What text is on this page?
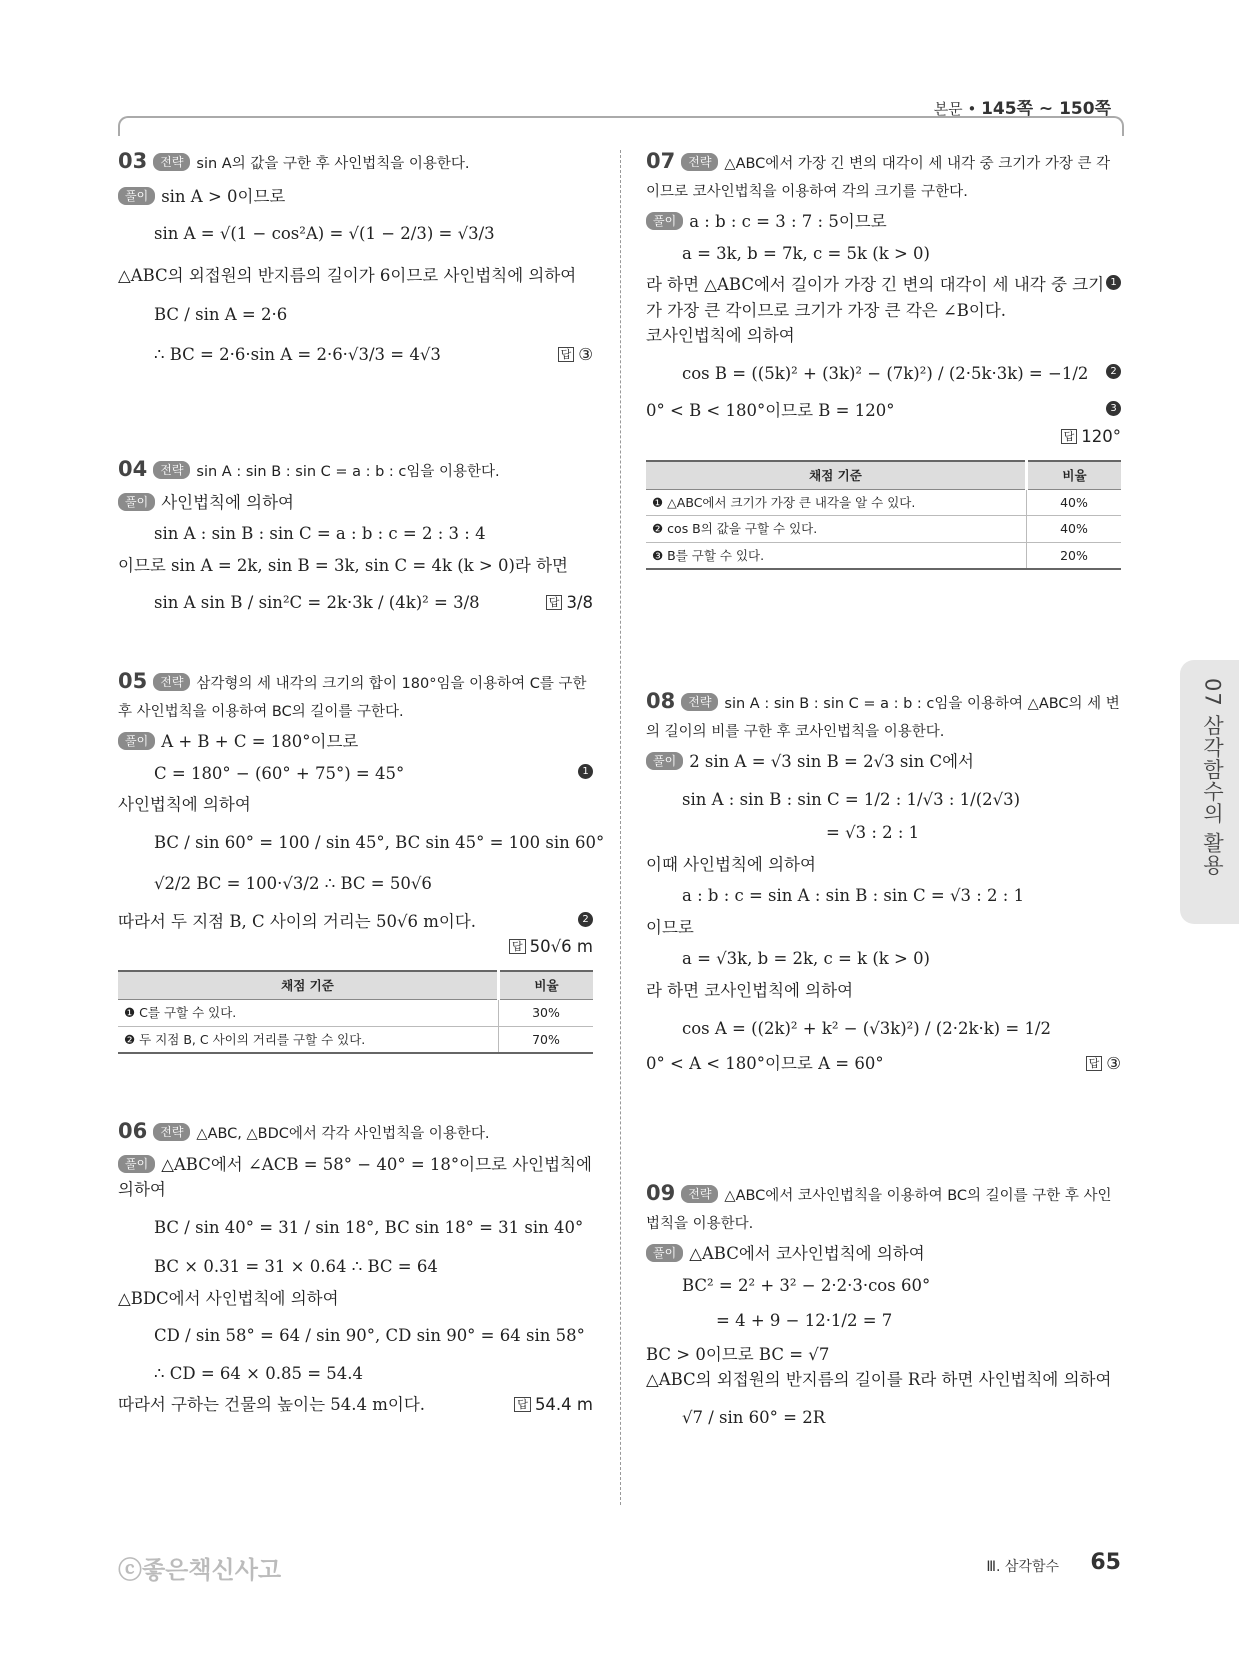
본문 • 145쪽 ~ 150쪽

03 전략 sin A의 값을 구한 후 사인법칙을 이용한다.

풀이 sin A > 0이므로

sin A = √(1 − cos²A) = √(1 − 2/3) = √3/3

△ABC의 외접원의 반지름의 길이가 6이므로 사인법칙에 의하여

BC / sin A = 2·6

답 ③
∴ BC = 2·6·sin A = 2·6·√3/3 = 4√3

04 전략 sin A : sin B : sin C = a : b : c임을 이용한다.

풀이 사인법칙에 의하여

sin A : sin B : sin C = a : b : c = 2 : 3 : 4

이므로 sin A = 2k, sin B = 3k, sin C = 4k (k > 0)라 하면

답 3/8
sin A sin B / sin²C = 2k·3k / (4k)² = 3/8

05 전략 삼각형의 세 내각의 크기의 합이 180°임을 이용하여 C를 구한 후 사인법칙을 이용하여 BC의 길이를 구한다.

풀이 A + B + C = 180°이므로

1
C = 180° − (60° + 75°) = 45°

사인법칙에 의하여

BC / sin 60° = 100 / sin 45°, BC sin 45° = 100 sin 60°

√2/2 BC = 100·√3/2 ∴ BC = 50√6

2
따라서 두 지점 B, C 사이의 거리는 50√6 m이다.

답 50√6 m

채점 기준	비율
❶ C를 구할 수 있다.	30%
❷ 두 지점 B, C 사이의 거리를 구할 수 있다.	70%

06 전략 △ABC, △BDC에서 각각 사인법칙을 이용한다.

풀이 △ABC에서 ∠ACB = 58° − 40° = 18°이므로 사인법칙에 의하여

BC / sin 40° = 31 / sin 18°, BC sin 18° = 31 sin 40°

BC × 0.31 = 31 × 0.64 ∴ BC = 64

△BDC에서 사인법칙에 의하여

CD / sin 58° = 64 / sin 90°, CD sin 90° = 64 sin 58°

∴ CD = 64 × 0.85 = 54.4

답 54.4 m
따라서 구하는 건물의 높이는 54.4 m이다.

07 전략 △ABC에서 가장 긴 변의 대각이 세 내각 중 크기가 가장 큰 각이므로 코사인법칙을 이용하여 각의 크기를 구한다.

풀이 a : b : c = 3 : 7 : 5이므로

a = 3k, b = 7k, c = 5k (k > 0)

1
라 하면 △ABC에서 길이가 가장 긴 변의 대각이 세 내각 중 크기가 가장 큰 각이므로 크기가 가장 큰 각은 ∠B이다.

코사인법칙에 의하여

2
cos B = ((5k)² + (3k)² − (7k)²) / (2·5k·3k) = −1/2

3
0° < B < 180°이므로 B = 120°

답 120°

채점 기준	비율
❶ △ABC에서 크기가 가장 큰 내각을 알 수 있다.	40%
❷ cos B의 값을 구할 수 있다.	40%
❸ B를 구할 수 있다.	20%

08 전략 sin A : sin B : sin C = a : b : c임을 이용하여 △ABC의 세 변의 길이의 비를 구한 후 코사인법칙을 이용한다.

풀이 2 sin A = √3 sin B = 2√3 sin C에서

sin A : sin B : sin C = 1/2 : 1/√3 : 1/(2√3)

= √3 : 2 : 1

이때 사인법칙에 의하여

a : b : c = sin A : sin B : sin C = √3 : 2 : 1

이므로

a = √3k, b = 2k, c = k (k > 0)

라 하면 코사인법칙에 의하여

cos A = ((2k)² + k² − (√3k)²) / (2·2k·k) = 1/2

답 ③
0° < A < 180°이므로 A = 60°

09 전략 △ABC에서 코사인법칙을 이용하여 BC의 길이를 구한 후 사인법칙을 이용한다.

풀이 △ABC에서 코사인법칙에 의하여

BC² = 2² + 3² − 2·2·3·cos 60°

= 4 + 9 − 12·1/2 = 7

BC > 0이므로 BC = √7

△ABC의 외접원의 반지름의 길이를 R라 하면 사인법칙에 의하여

√7 / sin 60° = 2R

07 삼각함수의 활용
ⓒ좋은책신사고	Ⅲ. 삼각함수 65
